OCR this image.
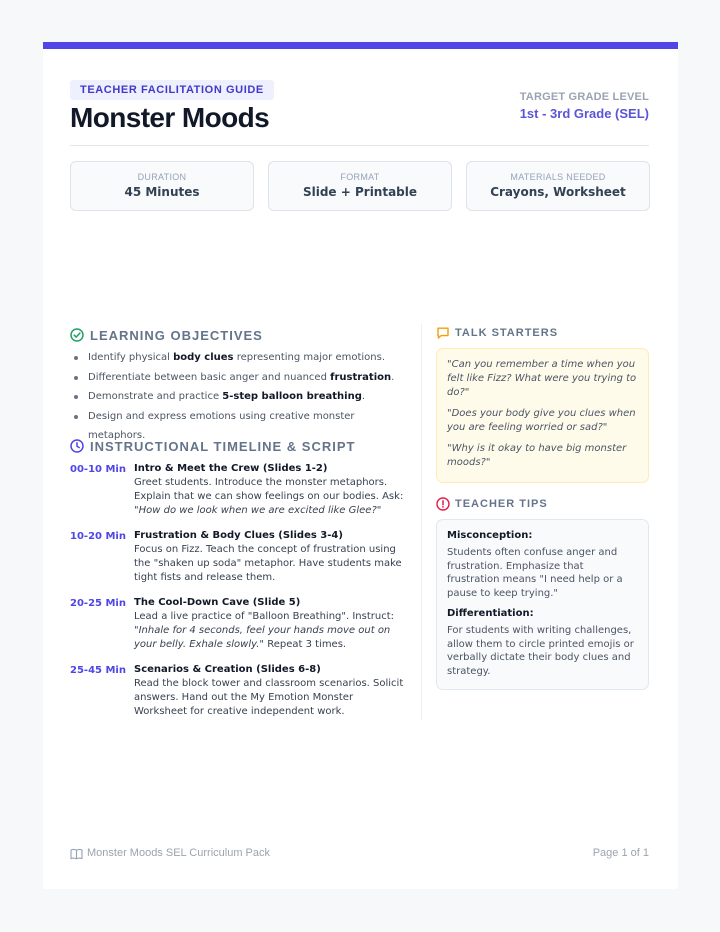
TEACHER FACILITATION GUIDE
Monster Moods
TARGET GRADE LEVEL
1st - 3rd Grade (SEL)
DURATION
45 Minutes
FORMAT
Slide + Printable
MATERIALS NEEDED
Crayons, Worksheet
LEARNING OBJECTIVES
Identify physical body clues representing major emotions.
Differentiate between basic anger and nuanced frustration.
Demonstrate and practice 5-step balloon breathing.
Design and express emotions using creative monster metaphors.
INSTRUCTIONAL TIMELINE & SCRIPT
00-10 Min Intro & Meet the Crew (Slides 1-2)
Greet students. Introduce the monster metaphors. Explain that we can show feelings on our bodies. Ask: "How do we look when we are excited like Glee?"
10-20 Min Frustration & Body Clues (Slides 3-4)
Focus on Fizz. Teach the concept of frustration using the "shaken up soda" metaphor. Have students make tight fists and release them.
20-25 Min The Cool-Down Cave (Slide 5)
Lead a live practice of "Balloon Breathing". Instruct: "Inhale for 4 seconds, feel your hands move out on your belly. Exhale slowly." Repeat 3 times.
25-45 Min Scenarios & Creation (Slides 6-8)
Read the block tower and classroom scenarios. Solicit answers. Hand out the My Emotion Monster Worksheet for creative independent work.
TALK STARTERS

"Can you remember a time when you felt like Fizz? What were you trying to do?"

"Does your body give you clues when you are feeling worried or sad?"

"Why is it okay to have big monster moods?"

TEACHER TIPS
Misconception:
Students often confuse anger and frustration. Emphasize that frustration means "I need help or a pause to keep trying."
Differentiation:
For students with writing challenges, allow them to circle printed emojis or verbally dictate their body clues and strategy.
Monster Moods SEL Curriculum Pack	Page 1 of 1
